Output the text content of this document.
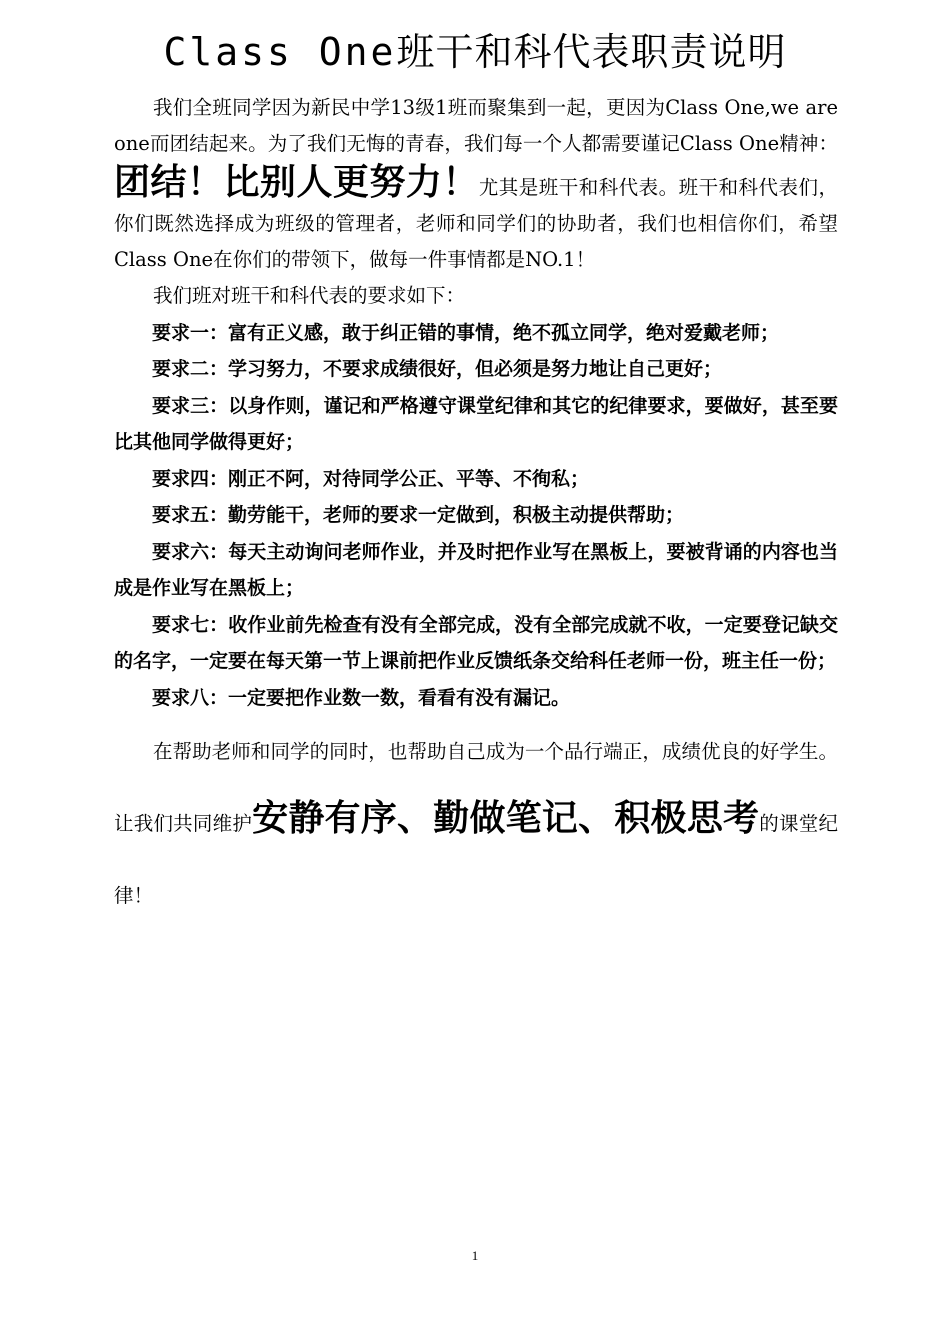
Class One班干和科代表职责说明

我们全班同学因为新民中学13级1班而聚集到一起，更因为Class One,we are one而团结起来。为了我们无悔的青春，我们每一个人都需要谨记Class One精神：团结！比别人更努力！尤其是班干和科代表。班干和科代表们，你们既然选择成为班级的管理者，老师和同学们的协助者，我们也相信你们，希望Class One在你们的带领下，做每一件事情都是NO.1！

我们班对班干和科代表的要求如下：

要求一：富有正义感，敢于纠正错的事情，绝不孤立同学，绝对爱戴老师；

要求二：学习努力，不要求成绩很好，但必须是努力地让自己更好；

要求三：以身作则，谨记和严格遵守课堂纪律和其它的纪律要求，要做好，甚至要比其他同学做得更好；

要求四：刚正不阿，对待同学公正、平等、不徇私；

要求五：勤劳能干，老师的要求一定做到，积极主动提供帮助；

要求六：每天主动询问老师作业，并及时把作业写在黑板上，要被背诵的内容也当成是作业写在黑板上；

要求七：收作业前先检查有没有全部完成，没有全部完成就不收，一定要登记缺交的名字，一定要在每天第一节上课前把作业反馈纸条交给科任老师一份，班主任一份；

要求八：一定要把作业数一数，看看有没有漏记。

在帮助老师和同学的同时，也帮助自己成为一个品行端正，成绩优良的好学生。让我们共同维护安静有序、勤做笔记、积极思考的课堂纪律！

1
